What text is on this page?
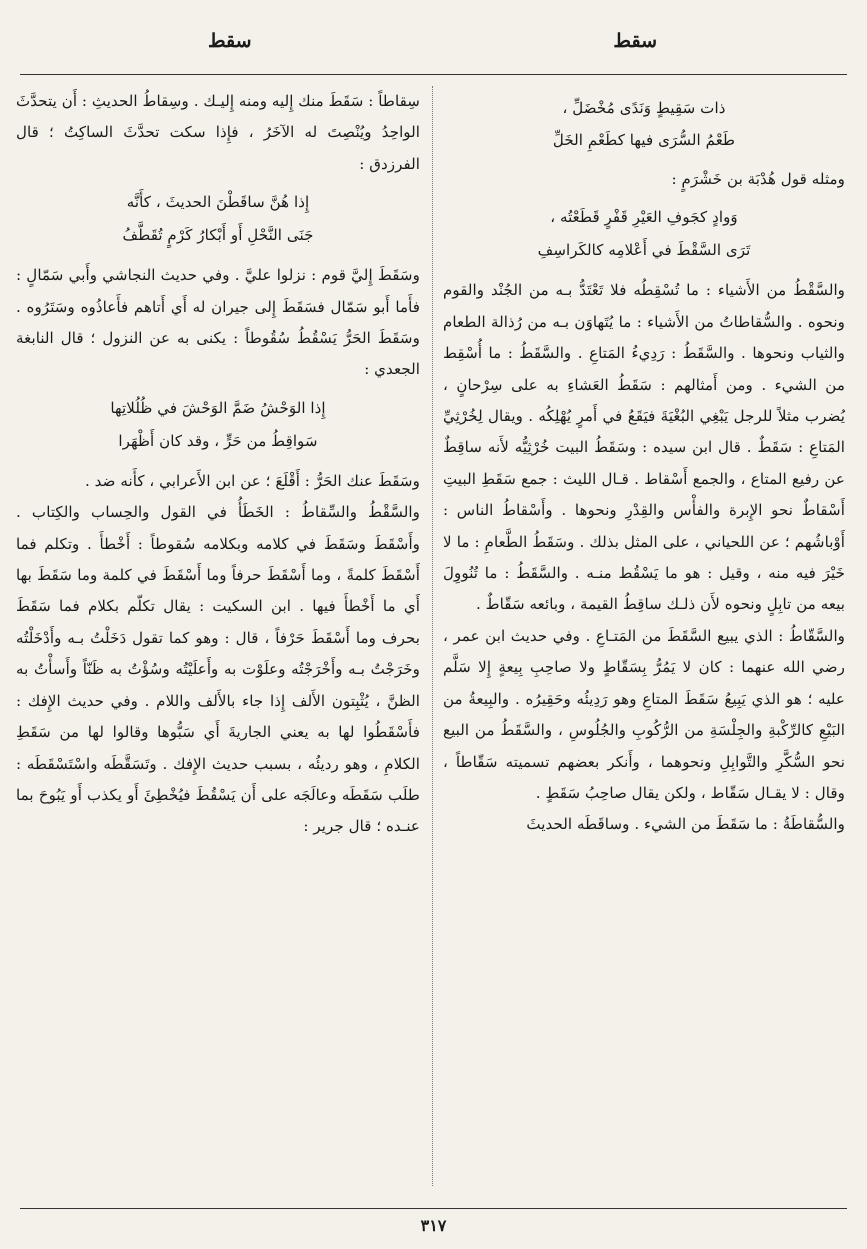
سقط
سقط
ذات سَقِيطٍ وَنَدًى مُخْضَلِّ ،
طَعْمُ السُّرَى فيها كطَعْمِ الخَلِّ

ومثله قول هُدْبَة بن خَشْرَمٍ :

وَوادٍ كجَوفِ العَيْرِ قَفْرٍ قَطَعْتُه ،
تَرَى السَّقْطَ في أَعْلامِه كالكَراسِفِ

والسَّقْطُ من الأَشياء : ما تُسْقِطُه فلا تَعْتَدُّ بـه من الجُنْد والقوم ونحوه . والسُّقاطاتُ من الأَشياء : ما يُتَهاوَن بـه من رُذالة الطعام والثياب ونحوها . والسَّقَطُ : رَدِيءُ المَتاعِ . والسَّقَطُ : ما أُسْقِط من الشيء . ومن أَمثالهم : سَقَطُ العَشاءِ به على سِرْحانٍ ، يُضرب مثلاً للرجل يَبْغِي البُغْيَةَ فيَقَعُ في أَمرٍ يُهْلِكُه . ويقال لِخُرْثِيِّ المَتاعِ : سَقَطٌ . قال ابن سيده : وسَقَطُ البيت خُرْثِيُّه لأَنه ساقِطٌ عن رفيع المتاع ، والجمع أَسْقاط . قـال الليث : جمع سَقَطِ البيتِ أَسْقاطٌ نحو الإِبرة والفأْس والقِدْرِ ونحوها . وأَسْقاطُ الناس : أَوْباشُهم ؛ عن اللحياني ، على المثل بذلك . وسَقَطُ الطَّعامِ : ما لا خَيْرَ فيه منه ، وقيل : هو ما يَسْقُط منـه . والسَّقَطُ : ما تُنُووِلَ بيعه من تابِلٍ ونحوه لأَن ذلـك ساقِطُ القيمة ، وبائعه سَقّاطٌ .

والسَّقّاطُ : الذي يبيع السَّقَطَ من المَتـاعِ . وفي حديث ابن عمر ، رضي الله عنهما : كان لا يَمُرُّ بِسَقّاطٍ ولا صاحِبِ بِيعةٍ إِلا سَلَّم عليه ؛ هو الذي يَبِيعُ سَقَطَ المتاعِ وهو رَدِيئُه وحَقِيرُه . والبِيعةُ من البَيْعِ كالرِّكْبةِ والجِلْسَةِ من الرُّكُوبِ والجُلُوسِ ، والسَّقَطُ من البيع نحو السُّكَّرِ والتَّوابِلِ ونحوهما ، وأَنكر بعضهم تسميته سَقّاطاً ، وقال : لا يقـال سَقّاط ، ولكن يقال صاحِبُ سَقَطٍ .

والسُّقاطَةُ : ما سَقَطَ من الشيء . وساقَطَه الحديثَ

سِقاطاً : سَقَطَ منك إِليه ومنه إِليـك . وسِقاطُ الحديثِ : أَن يتحدَّثَ الواحِدُ ويُنْصِتَ له الآخَرُ ، فإِذا سكت تحدَّثَ الساكِتُ ؛ قال الفرزدق :

إِذا هُنَّ ساقَطْنَ الحديثَ ، كأَنَّه
جَنَى النَّحْلِ أَو أَبْكارُ كَرْمٍ تُقَطَّفُ

وسَقَطَ إِليَّ قوم : نزلوا عليَّ . وفي حديث النجاشي وأَبي سَمّالٍ : فأَما أَبو سَمّال فسَقَطَ إِلى جيران له أَي أَتاهم فأَعاذُوه وسَتَرُوه . وسَقَطَ الحَرُّ يَسْقُطُ سُقُوطاً : يكنى به عن النزول ؛ قال النابغة الجعدي :

إِذا الوَحْشُ ضَمَّ الوَحْشَ في ظُلُلاتِها
سَواقِطُ من حَرٍّ ، وقد كان أَظْهَرا

وسَقَطَ عنك الحَرُّ : أَقْلَعَ ؛ عن ابن الأَعرابي ، كأَنه ضد .

والسَّقْطُ والسِّقاطُ : الخَطَأُ في القول والحِساب والكِتاب . وأَسْقَطَ وسَقَطَ في كلامه وبكلامه سُقوطاً : أَخْطأَ . وتكلم فما أَسْقَطَ كلمةً ، وما أَسْقَطَ حرفاً وما أَسْقَطَ في كلمة وما سَقَطَ بها أَي ما أَخْطأَ فيها . ابن السكيت : يقال تكلّم بكلام فما سَقَطَ بحرف وما أَسْقَطَ حَرْفاً ، قال : وهو كما تقول دَخَلْتُ بـه وأَدْخَلْتُه وخَرَجْتُ بـه وأَخْرَجْتُه وعلَوْت به وأَعلَيْتُه وسُؤْتُ به ظَنّاً وأَسأْتُ به الظنَّ ، يُثْبِتون الأَلف إِذا جاء بالأَلف واللام . وفي حديث الإِفك : فأَسْقَطُوا لها به يعني الجاريةَ أَي سَبُّوها وقالوا لها من سَقَطِ الكلامِ ، وهو رديئُه ، بسبب حديث الإِفك . وتَسَقَّطَه واسْتَسْقَطَه : طلَب سَقَطَه وعالَجَه على أَن يَسْقُطَ فيُخْطِئَ أَو يكذب أَو يَبُوحَ بما عنـده ؛ قال جرير :

٣١٧
